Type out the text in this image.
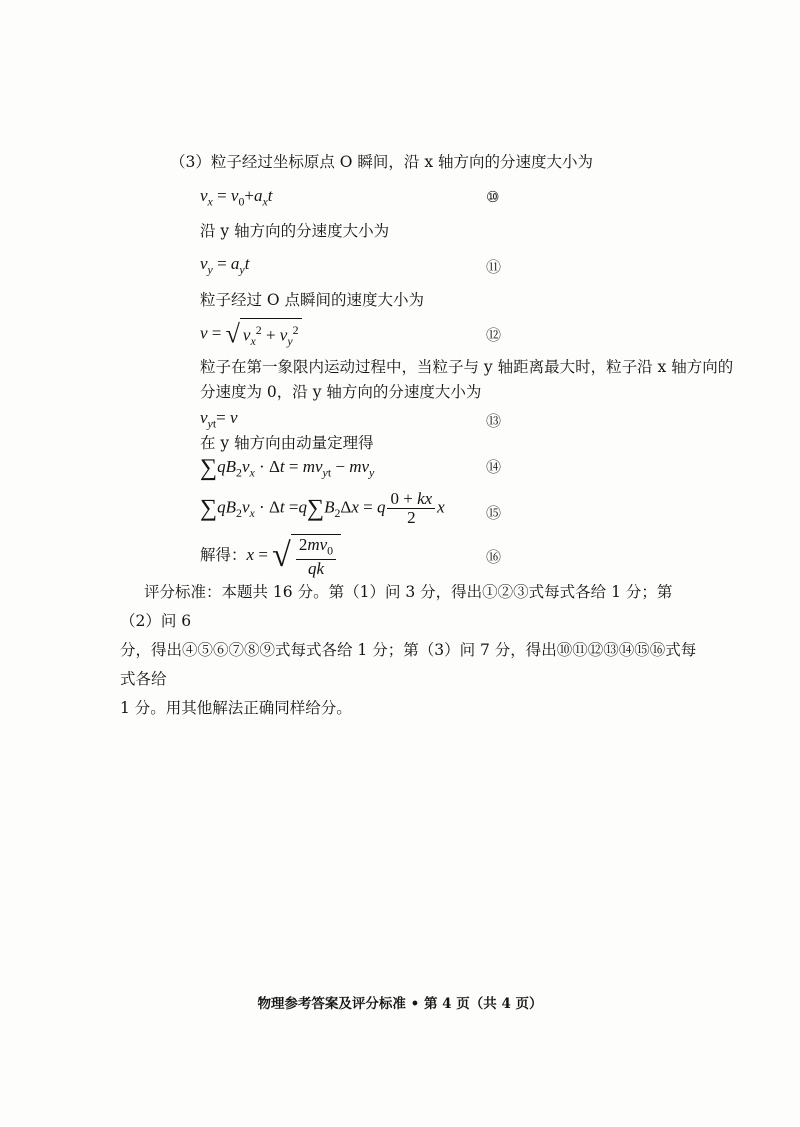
（3）粒子经过坐标原点 O 瞬间，沿 x 轴方向的分速度大小为
$v_x = v_0+a_xt$	⑩
沿 y 轴方向的分速度大小为
$v_y = a_yt$	⑪
粒子经过 O 点瞬间的速度大小为
v = √ $v_x^2 + v_y^2$	⑫
粒子在第一象限内运动过程中，当粒子与 y 轴距离最大时，粒子沿 x 轴方向的
分速度为 0，沿 y 轴方向的分速度大小为
$v_{yt}= v$	⑬
在 y 轴方向由动量定理得
$\sum qB_2v_x \cdot \Delta t = mv_{yt} - mv_y$	⑭
$\sum qB_2v_x \cdot \Delta t =q\sum B_2\Delta x = q \frac{0 + kx}{2}$ x	⑮
解得：x = √ $\frac{2mv_0}{qk}$	⑯
评分标准：本题共 16 分。第（1）问 3 分，得出①②③式每式各给 1 分；第（2）问 6
分，得出④⑤⑥⑦⑧⑨式每式各给 1 分；第（3）问 7 分，得出⑩⑪⑫⑬⑭⑮⑯式每式各给
1 分。用其他解法正确同样给分。
物理参考答案及评分标准 • 第 4 页（共 4 页）
